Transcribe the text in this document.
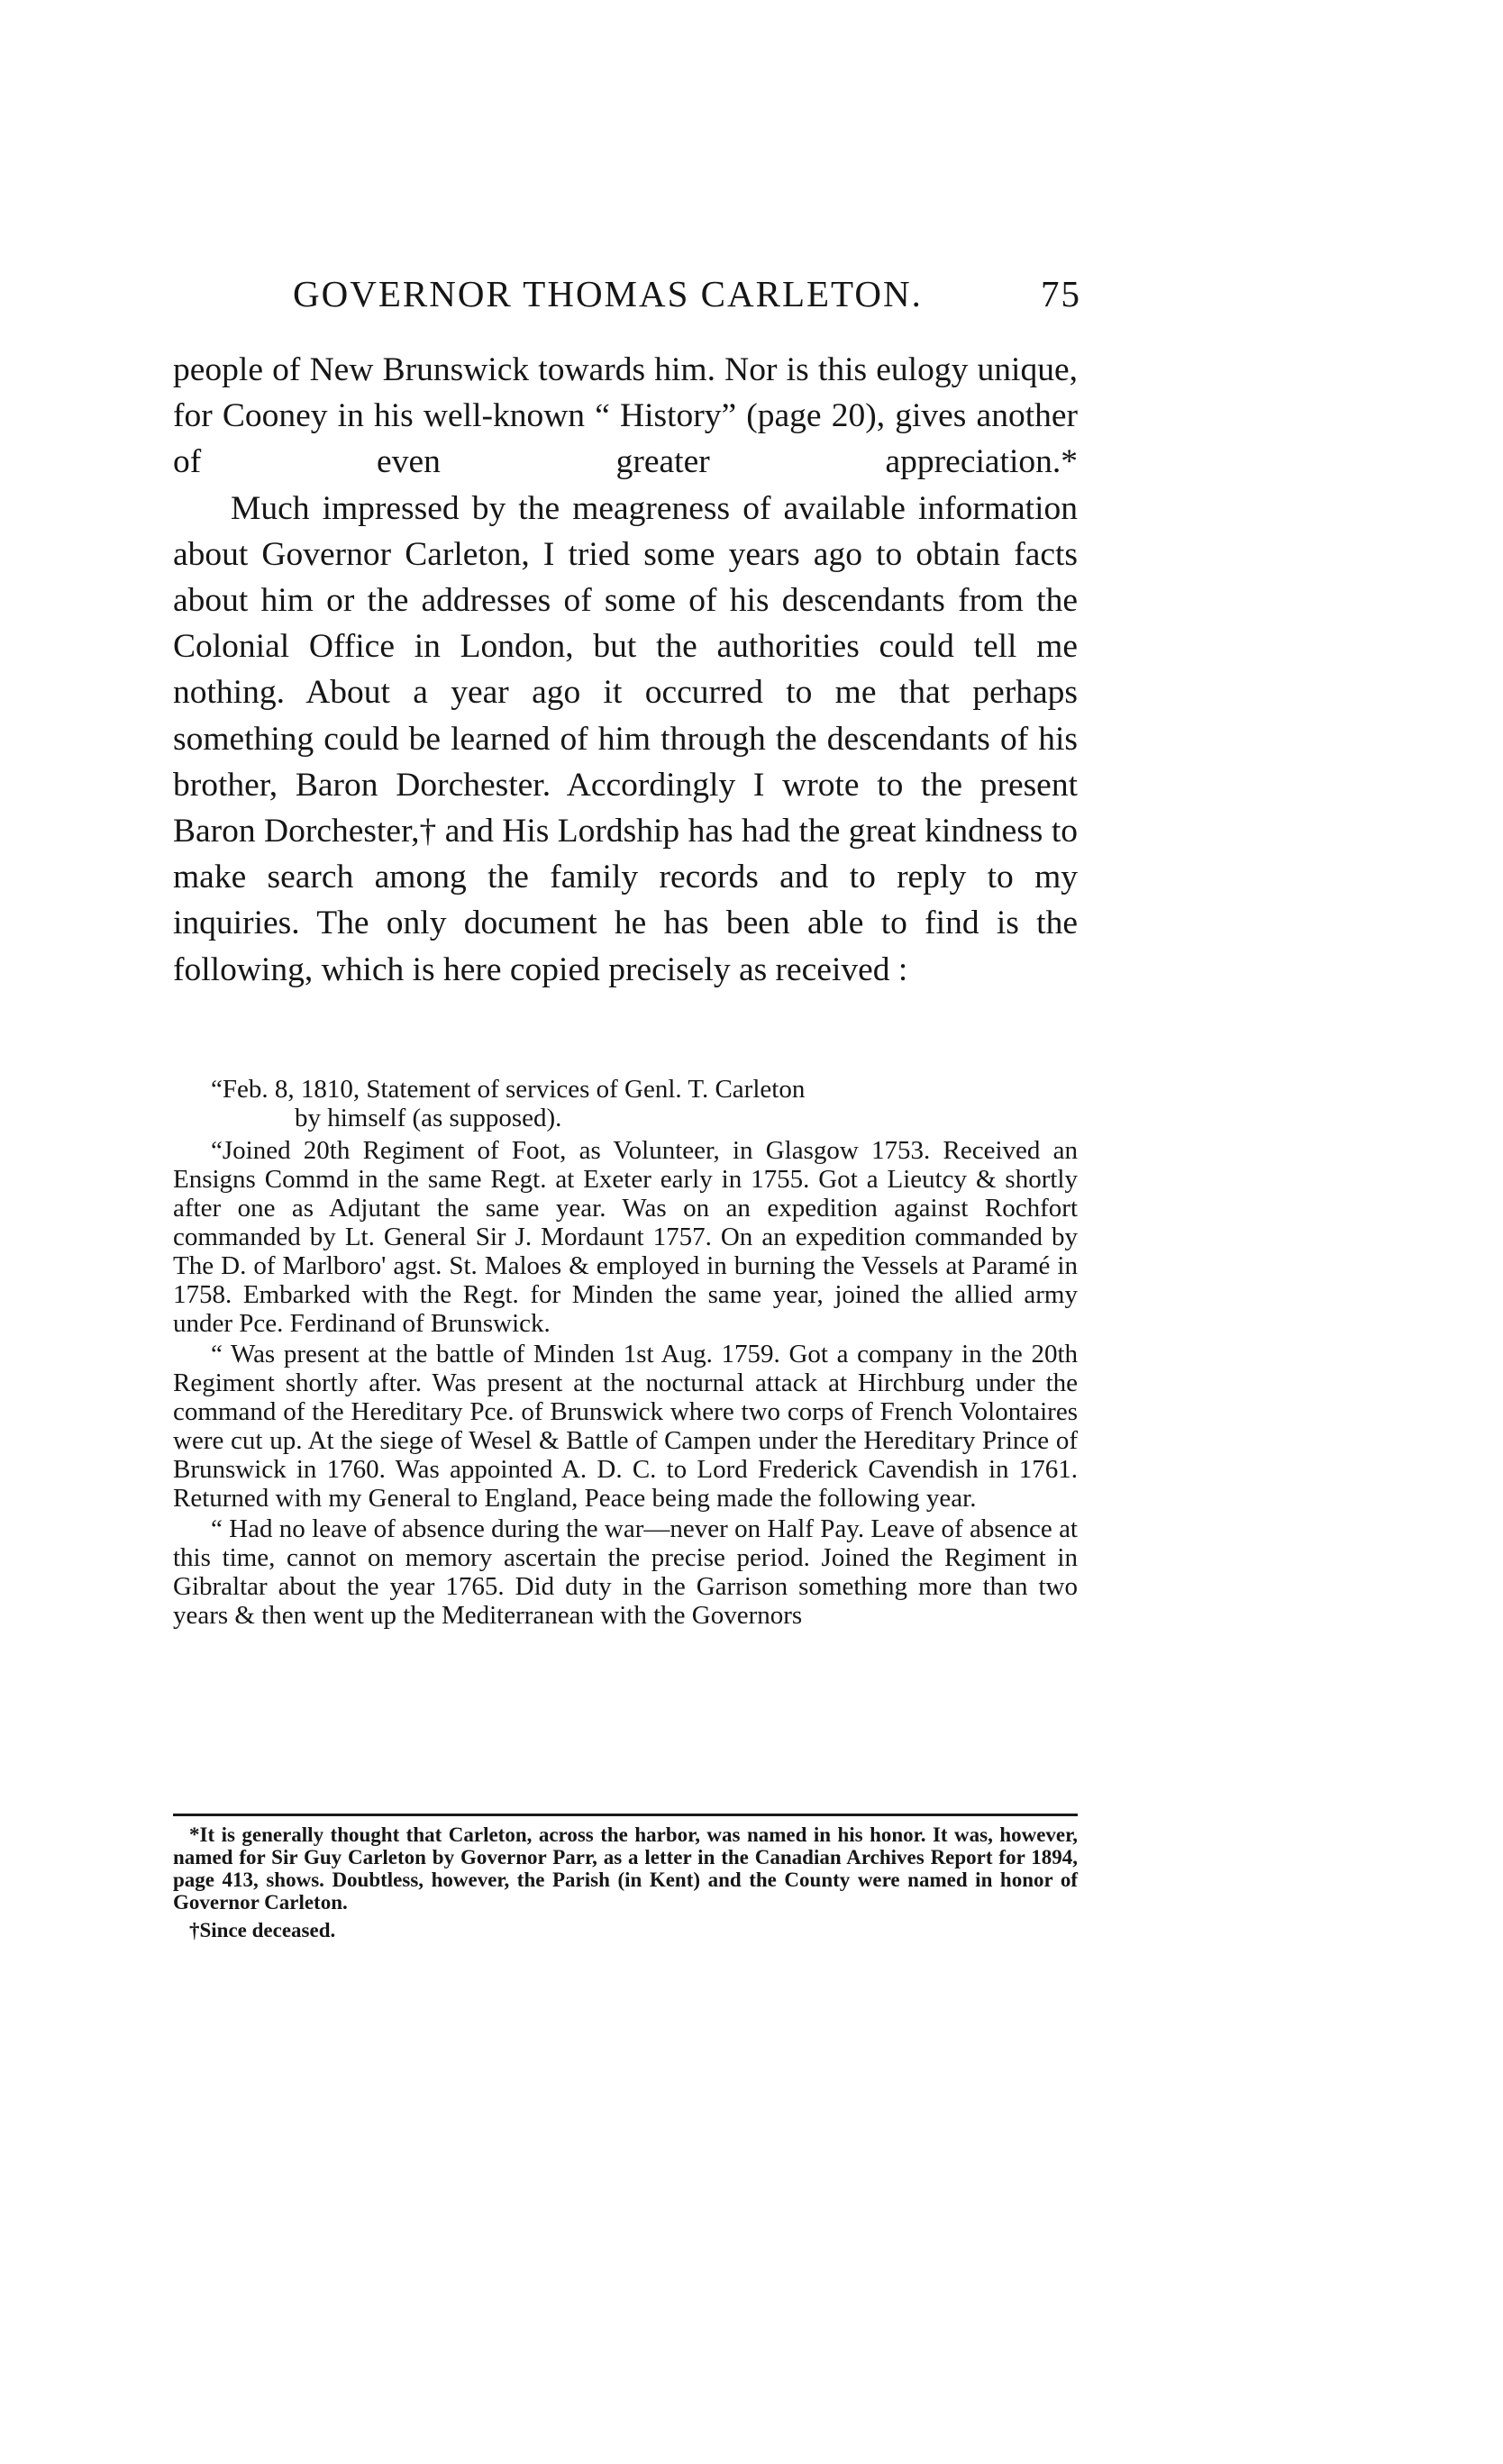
GOVERNOR THOMAS CARLETON.	75

people of New Brunswick towards him. Nor is this eulogy unique, for Cooney in his well-known “ History” (page 20), gives another of even greater appreciation.*

Much impressed by the meagreness of available information about Governor Carleton, I tried some years ago to obtain facts about him or the addresses of some of his descendants from the Colonial Office in London, but the authorities could tell me nothing. About a year ago it occurred to me that perhaps something could be learned of him through the descendants of his brother, Baron Dorchester. Accordingly I wrote to the present Baron Dorchester,† and His Lordship has had the great kindness to make search among the family records and to reply to my inquiries. The only document he has been able to find is the following, which is here copied precisely as received :

“Feb. 8, 1810, Statement of services of Genl. T. Carleton

by himself (as supposed).

“Joined 20th Regiment of Foot, as Volunteer, in Glasgow 1753. Received an Ensigns Commd in the same Regt. at Exeter early in 1755. Got a Lieutcy & shortly after one as Adjutant the same year. Was on an expedition against Rochfort commanded by Lt. General Sir J. Mordaunt 1757. On an expedition commanded by The D. of Marlboro' agst. St. Maloes & employed in burning the Vessels at Paramé in 1758. Embarked with the Regt. for Minden the same year, joined the allied army under Pce. Ferdinand of Brunswick.

“ Was present at the battle of Minden 1st Aug. 1759. Got a company in the 20th Regiment shortly after. Was present at the nocturnal attack at Hirchburg under the command of the Hereditary Pce. of Brunswick where two corps of French Volontaires were cut up. At the siege of Wesel & Battle of Campen under the Hereditary Prince of Brunswick in 1760. Was appointed A. D. C. to Lord Frederick Cavendish in 1761. Returned with my General to England, Peace being made the following year.

“ Had no leave of absence during the war—never on Half Pay. Leave of absence at this time, cannot on memory ascertain the precise period. Joined the Regiment in Gibraltar about the year 1765. Did duty in the Garrison something more than two years & then went up the Mediterranean with the Governors

*It is generally thought that Carleton, across the harbor, was named in his honor. It was, however, named for Sir Guy Carleton by Governor Parr, as a letter in the Canadian Archives Report for 1894, page 413, shows. Doubtless, however, the Parish (in Kent) and the County were named in honor of Governor Carleton.

†Since deceased.
